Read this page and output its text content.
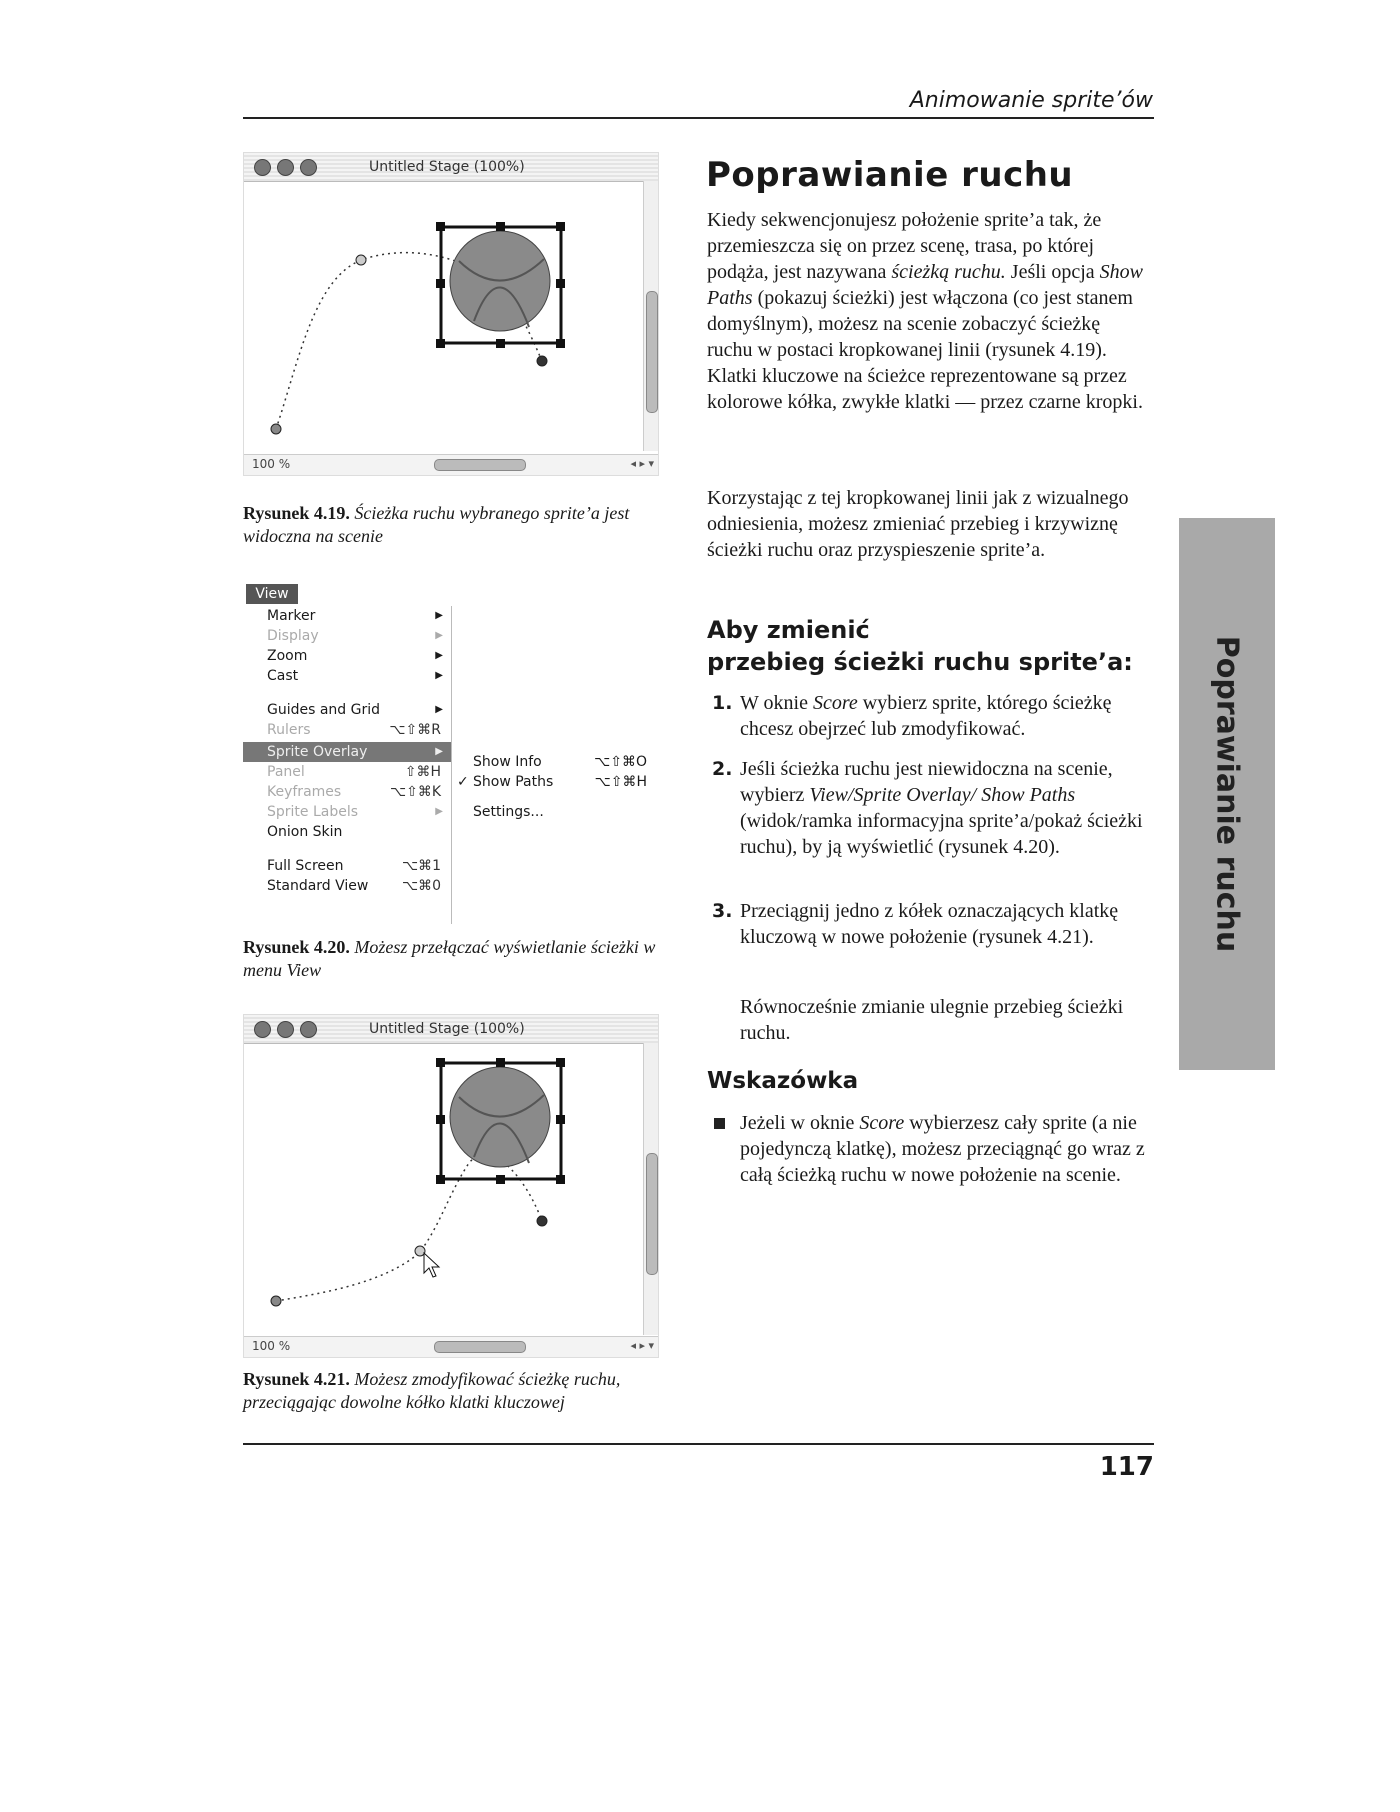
Animowanie sprite’ów
Untitled Stage (100%)
100 %	◂ ▸ ▾
Rysunek 4.19. Ścieżka ruchu wybranego sprite’a jest widoczna na scenie
View
Marker	▶
Display	▶
Zoom	▶
Cast	▶
Guides and Grid	▶
Rulers	⌥⇧⌘R
Sprite Overlay	▶
Panel	⇧⌘H
Keyframes	⌥⇧⌘K
Sprite Labels	▶
Onion Skin
Full Screen	⌥⌘1
Standard View ⌥⌘0
Show Info	⌥⇧⌘O
✓ Show Paths	⌥⇧⌘H
Settings...
Rysunek 4.20. Możesz przełączać wyświetlanie ścieżki w menu View
Untitled Stage (100%)
100 %	◂ ▸ ▾
Rysunek 4.21. Możesz zmodyfikować ścieżkę ruchu, przeciągając dowolne kółko klatki kluczowej
Poprawianie ruchu
Kiedy sekwencjonujesz położenie sprite’a tak, że przemieszcza się on przez scenę, trasa, po której podąża, jest nazywana ścieżką ruchu. Jeśli opcja Show Paths (pokazuj ścieżki) jest włączona (co jest stanem domyślnym), możesz na scenie zobaczyć ścieżkę ruchu w postaci kropkowanej linii (rysunek 4.19). Klatki kluczowe na ścieżce reprezentowane są przez kolorowe kółka, zwykłe klatki — przez czarne kropki.
Korzystając z tej kropkowanej linii jak z wizualnego odniesienia, możesz zmieniać przebieg i krzywiznę ścieżki ruchu oraz przyspieszenie sprite’a.
Aby zmienić
przebieg ścieżki ruchu sprite’a:
1. W oknie Score wybierz sprite, którego ścieżkę chcesz obejrzeć lub zmodyfikować.
2. Jeśli ścieżka ruchu jest niewidoczna na scenie, wybierz View/Sprite Overlay/ Show Paths (widok/ramka informacyjna sprite’a/pokaż ścieżki ruchu), by ją wyświetlić (rysunek 4.20).
3. Przeciągnij jedno z kółek oznaczających klatkę kluczową w nowe położenie (rysunek 4.21).
Równocześnie zmianie ulegnie przebieg ścieżki ruchu.
Wskazówka
Jeżeli w oknie Score wybierzesz cały sprite (a nie pojedynczą klatkę), możesz przeciągnąć go wraz z całą ścieżką ruchu w nowe położenie na scenie.
Poprawianie ruchu
117
